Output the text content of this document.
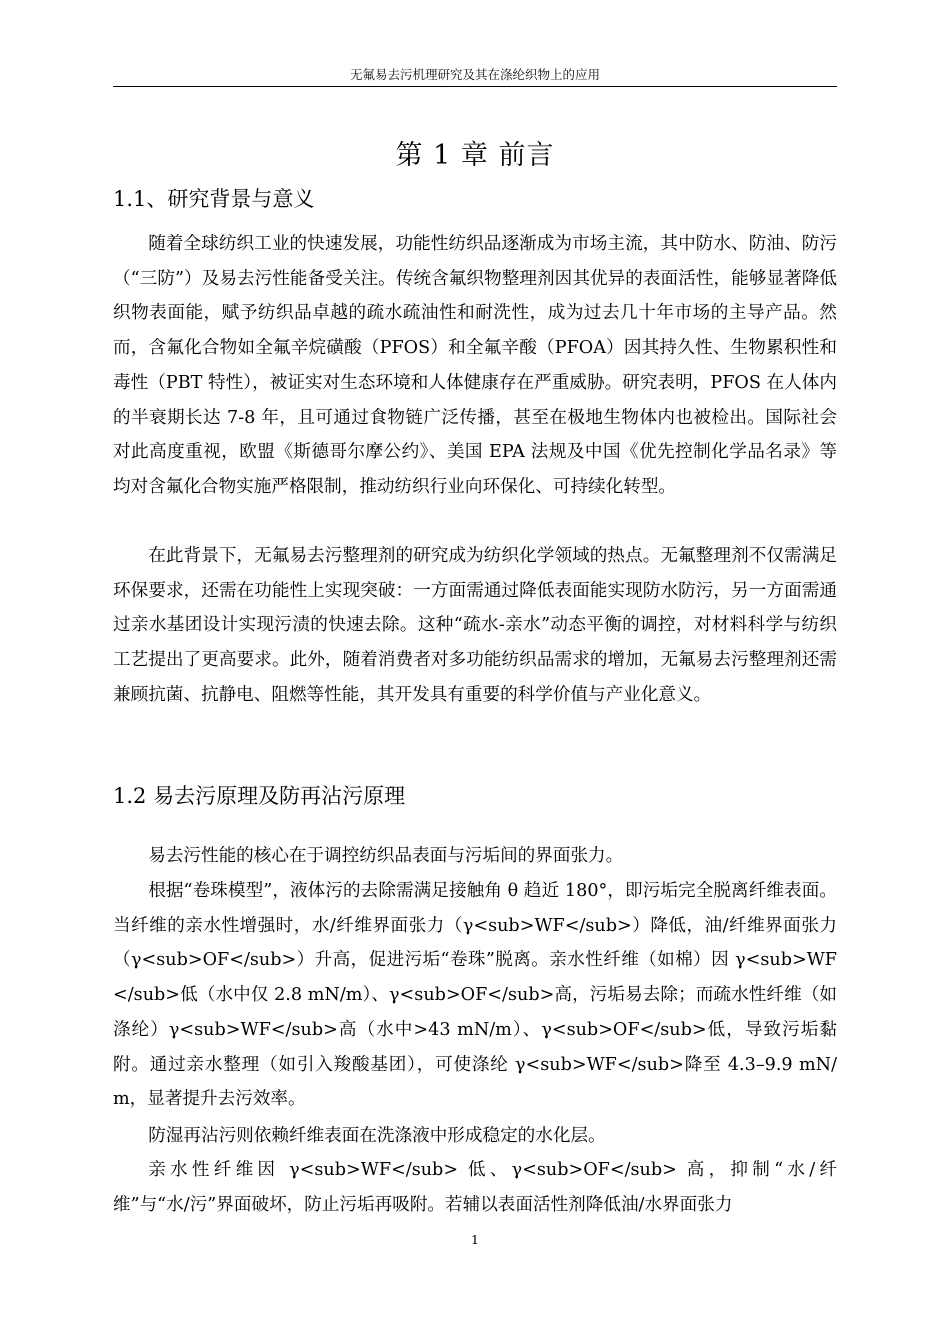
无氟易去污机理研究及其在涤纶织物上的应用
第 1 章 前言
1.1、研究背景与意义

随着全球纺织工业的快速发展，功能性纺织品逐渐成为市场主流，其中防水、防油、防污（“三防”）及易去污性能备受关注。传统含氟织物整理剂因其优异的表面活性，能够显著降低织物表面能，赋予纺织品卓越的疏水疏油性和耐洗性，成为过去几十年市场的主导产品。然而，含氟化合物如全氟辛烷磺酸（PFOS）和全氟辛酸（PFOA）因其持久性、生物累积性和毒性（PBT 特性），被证实对生态环境和人体健康存在严重威胁。研究表明，PFOS 在人体内的半衰期长达 7-8 年，且可通过食物链广泛传播，甚至在极地生物体内也被检出。国际社会对此高度重视，欧盟《斯德哥尔摩公约》、美国 EPA 法规及中国《优先控制化学品名录》等均对含氟化合物实施严格限制，推动纺织行业向环保化、可持续化转型。

在此背景下，无氟易去污整理剂的研究成为纺织化学领域的热点。无氟整理剂不仅需满足环保要求，还需在功能性上实现突破：一方面需通过降低表面能实现防水防污，另一方面需通过亲水基团设计实现污渍的快速去除。这种“疏水-亲水”动态平衡的调控，对材料科学与纺织工艺提出了更高要求。此外，随着消费者对多功能纺织品需求的增加，无氟易去污整理剂还需兼顾抗菌、抗静电、阻燃等性能，其开发具有重要的科学价值与产业化意义。

1.2 易去污原理及防再沾污原理

易去污性能的核心在于调控纺织品表面与污垢间的界面张力。

根据“卷珠模型”，液体污的去除需满足接触角 θ 趋近 180°，即污垢完全脱离纤维表面。当纤维的亲水性增强时，水/纤维界面张力（γ<sub>WF</sub>）降低，油/纤维界面张力（γ<sub>OF</sub>）升高，促进污垢“卷珠”脱离。亲水性纤维（如棉）因 γ<sub>WF</sub>低（水中仅 2.8 mN/m）、γ<sub>OF</sub>高，污垢易去除；而疏水性纤维（如涤纶）γ<sub>WF</sub>高（水中>43 mN/m）、γ<sub>OF</sub>低，导致污垢黏附。通过亲水整理（如引入羧酸基团），可使涤纶 γ<sub>WF</sub>降至 4.3–9.9 mN/m，显著提升去污效率。

防湿再沾污则依赖纤维表面在洗涤液中形成稳定的水化层。

亲水性纤维因 γ<sub>WF</sub> 低、γ<sub>OF</sub> 高，抑制“水/纤维”与“水/污”界面破坏，防止污垢再吸附。若辅以表面活性剂降低油/水界面张力

1
